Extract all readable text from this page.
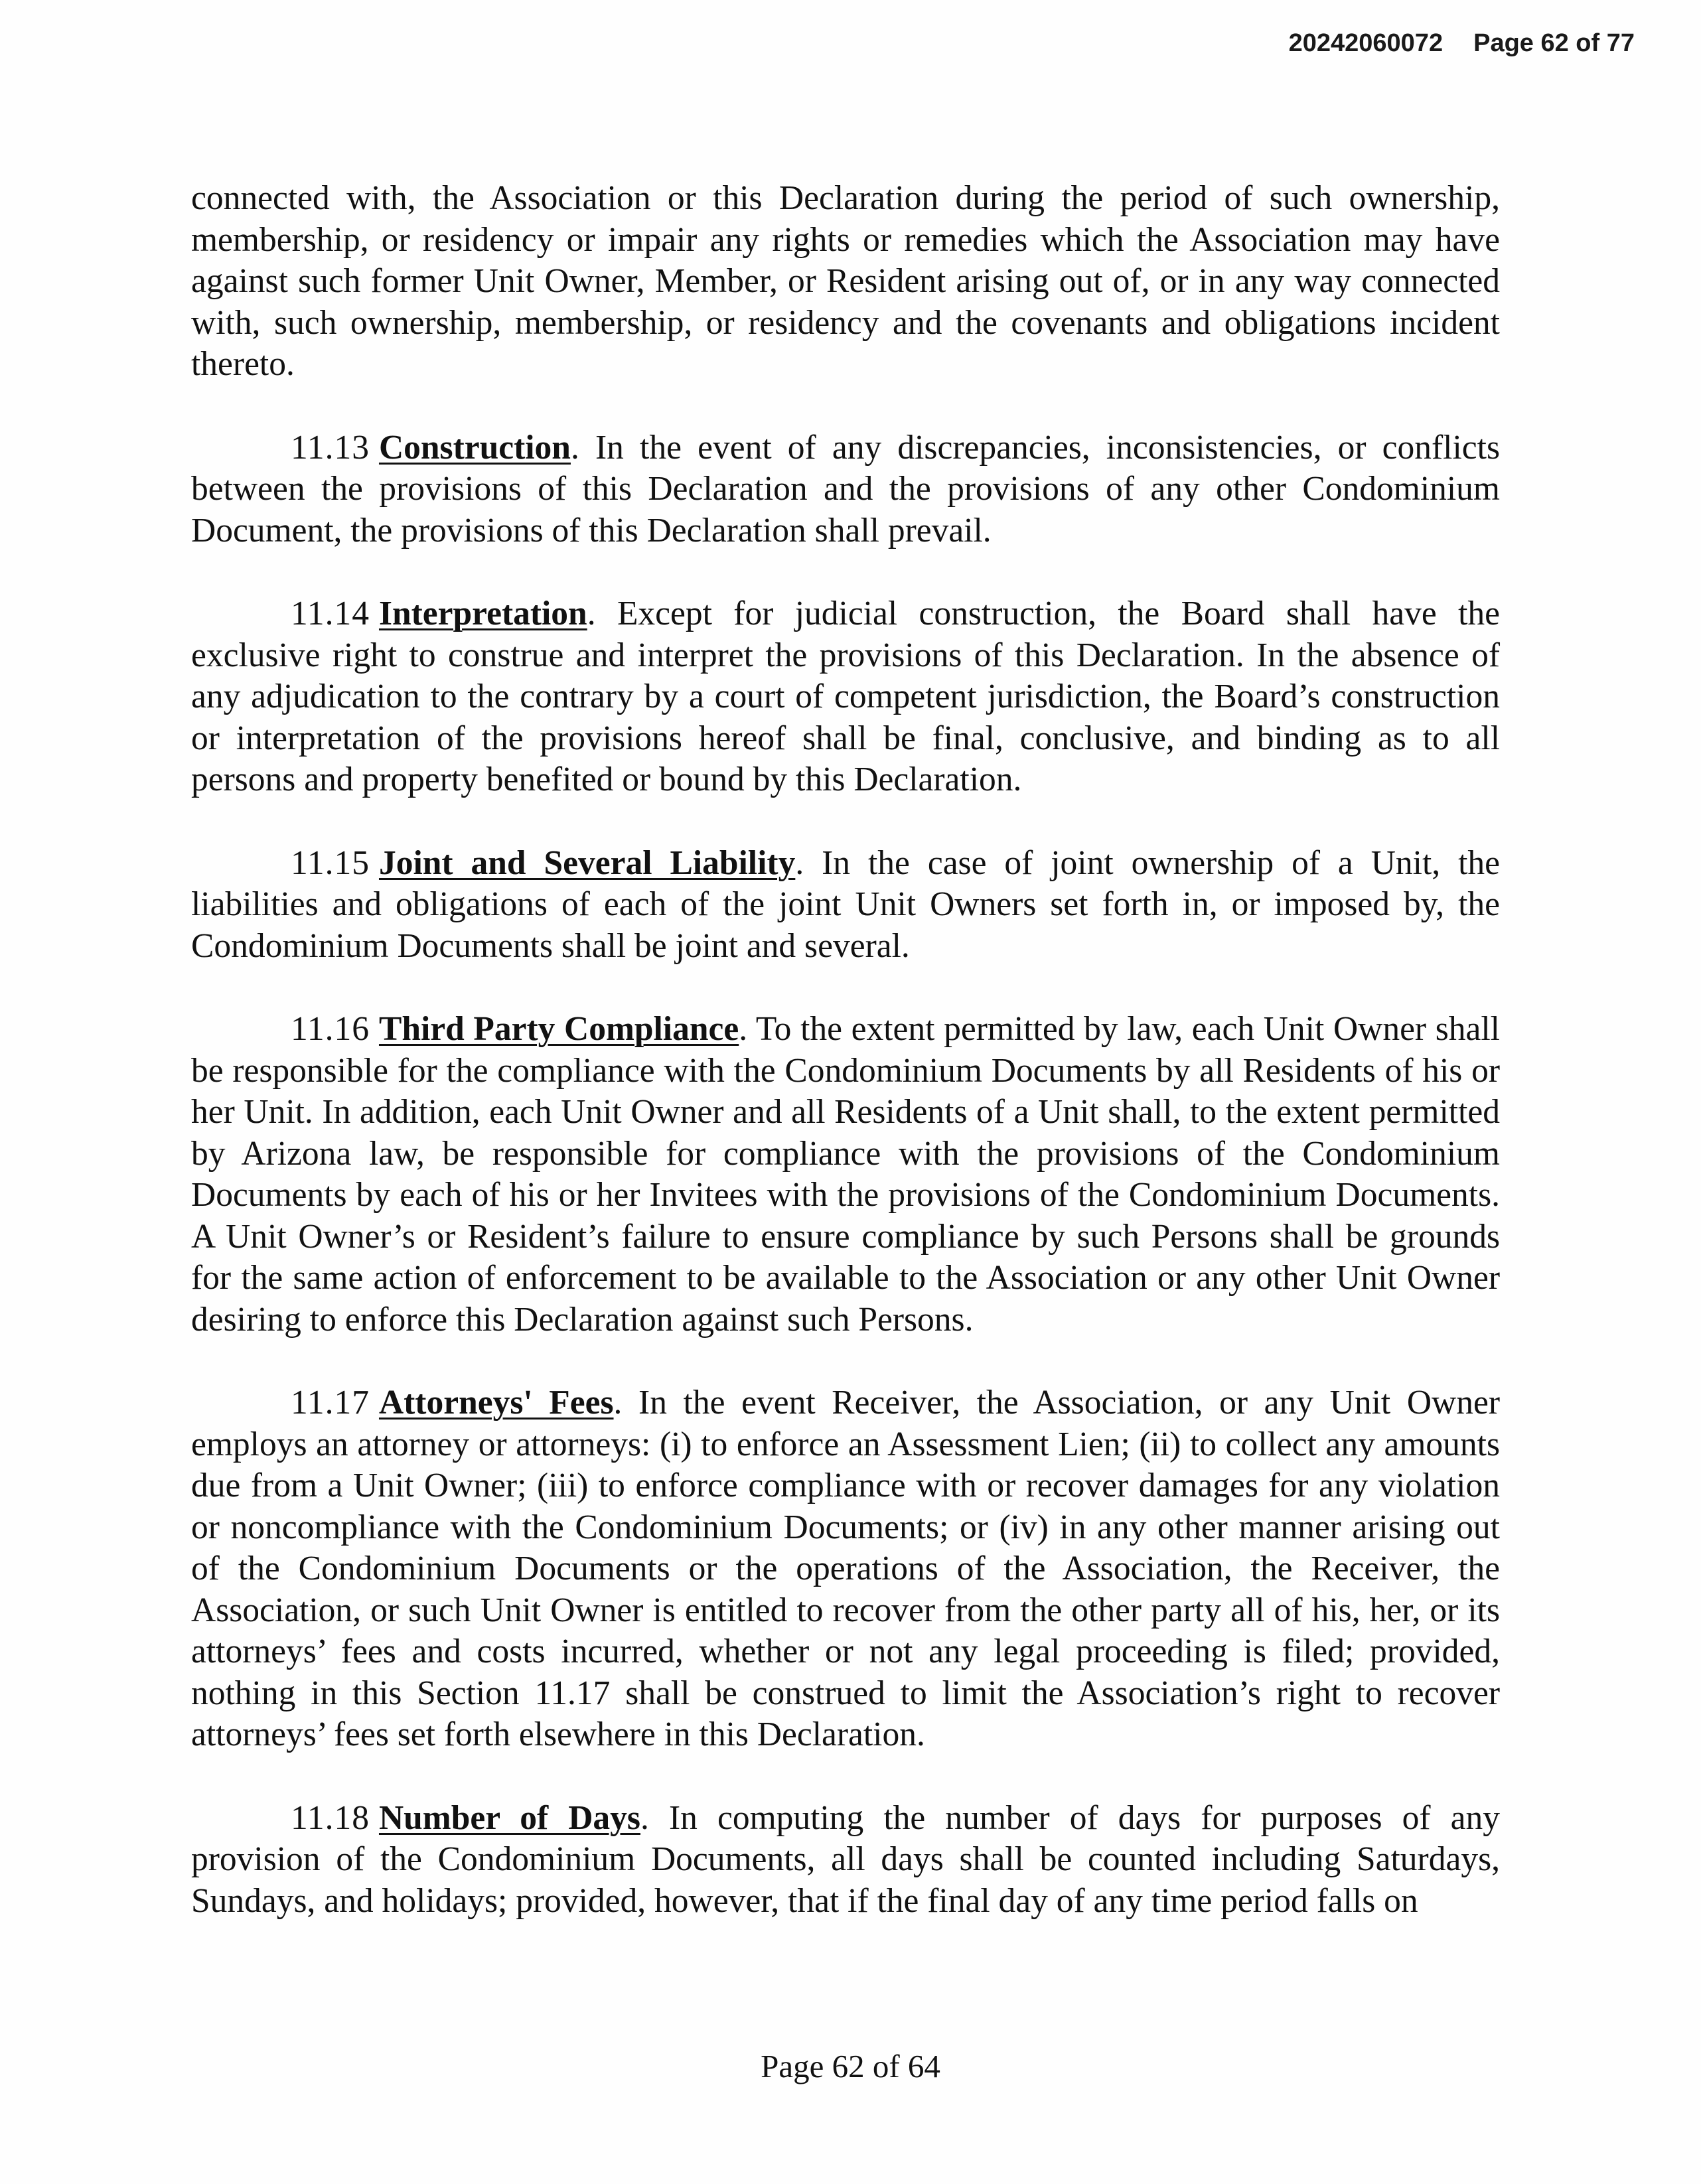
20242060072 Page 62 of 77

connected with, the Association or this Declaration during the period of such ownership, membership, or residency or impair any rights or remedies which the Association may have against such former Unit Owner, Member, or Resident arising out of, or in any way connected with, such ownership, membership, or residency and the covenants and obligations incident thereto.

11.13 Construction. In the event of any discrepancies, inconsistencies, or conflicts between the provisions of this Declaration and the provisions of any other Condominium Document, the provisions of this Declaration shall prevail.

11.14 Interpretation. Except for judicial construction, the Board shall have the exclusive right to construe and interpret the provisions of this Declaration. In the absence of any adjudication to the contrary by a court of competent jurisdiction, the Board’s construction or interpretation of the provisions hereof shall be final, conclusive, and binding as to all persons and property benefited or bound by this Declaration.

11.15 Joint and Several Liability. In the case of joint ownership of a Unit, the liabilities and obligations of each of the joint Unit Owners set forth in, or imposed by, the Condominium Documents shall be joint and several.

11.16 Third Party Compliance. To the extent permitted by law, each Unit Owner shall be responsible for the compliance with the Condominium Documents by all Residents of his or her Unit. In addition, each Unit Owner and all Residents of a Unit shall, to the extent permitted by Arizona law, be responsible for compliance with the provisions of the Condominium Documents by each of his or her Invitees with the provisions of the Condominium Documents. A Unit Owner’s or Resident’s failure to ensure compliance by such Persons shall be grounds for the same action of enforcement to be available to the Association or any other Unit Owner desiring to enforce this Declaration against such Persons.

11.17 Attorneys' Fees. In the event Receiver, the Association, or any Unit Owner employs an attorney or attorneys: (i) to enforce an Assessment Lien; (ii) to collect any amounts due from a Unit Owner; (iii) to enforce compliance with or recover damages for any violation or noncompliance with the Condominium Documents; or (iv) in any other manner arising out of the Condominium Documents or the operations of the Association, the Receiver, the Association, or such Unit Owner is entitled to recover from the other party all of his, her, or its attorneys’ fees and costs incurred, whether or not any legal proceeding is filed; provided, nothing in this Section 11.17 shall be construed to limit the Association’s right to recover attorneys’ fees set forth elsewhere in this Declaration.

11.18 Number of Days. In computing the number of days for purposes of any provision of the Condominium Documents, all days shall be counted including Saturdays, Sundays, and holidays; provided, however, that if the final day of any time period falls on

Page 62 of 64
